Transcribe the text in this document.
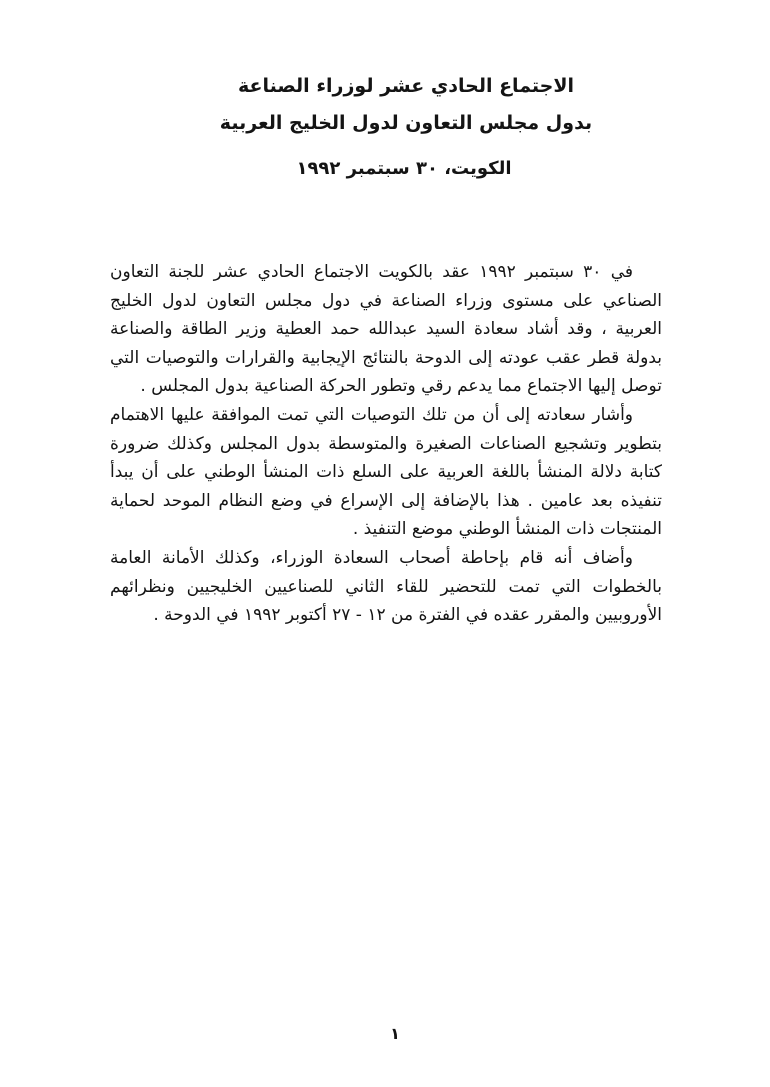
الاجتماع الحادي عشر لوزراء الصناعة
بدول مجلس التعاون لدول الخليج العربية
الكويت، ٣٠ سبتمبر ١٩٩٢

في ٣٠ سبتمبر ١٩٩٢ عقد بالكويت الاجتماع الحادي عشر للجنة التعاون الصناعي على مستوى وزراء الصناعة في دول مجلس التعاون لدول الخليج العربية ، وقد أشاد سعادة السيد عبدالله حمد العطية وزير الطاقة والصناعة بدولة قطر عقب عودته إلى الدوحة بالنتائج الإيجابية والقرارات والتوصيات التي توصل إليها الاجتماع مما يدعم رقي وتطور الحركة الصناعية بدول المجلس .

وأشار سعادته إلى أن من تلك التوصيات التي تمت الموافقة عليها الاهتمام بتطوير وتشجيع الصناعات الصغيرة والمتوسطة بدول المجلس وكذلك ضرورة كتابة دلالة المنشأ باللغة العربية على السلع ذات المنشأ الوطني على أن يبدأ تنفيذه بعد عامين . هذا بالإضافة إلى الإسراع في وضع النظام الموحد لحماية المنتجات ذات المنشأ الوطني موضع التنفيذ .

وأضاف أنه قام بإحاطة أصحاب السعادة الوزراء، وكذلك الأمانة العامة بالخطوات التي تمت للتحضير للقاء الثاني للصناعيين الخليجيين ونظرائهم الأوروبيين والمقرر عقده في الفترة من ١٢ - ٢٧ أكتوبر ١٩٩٢ في الدوحة .

١
